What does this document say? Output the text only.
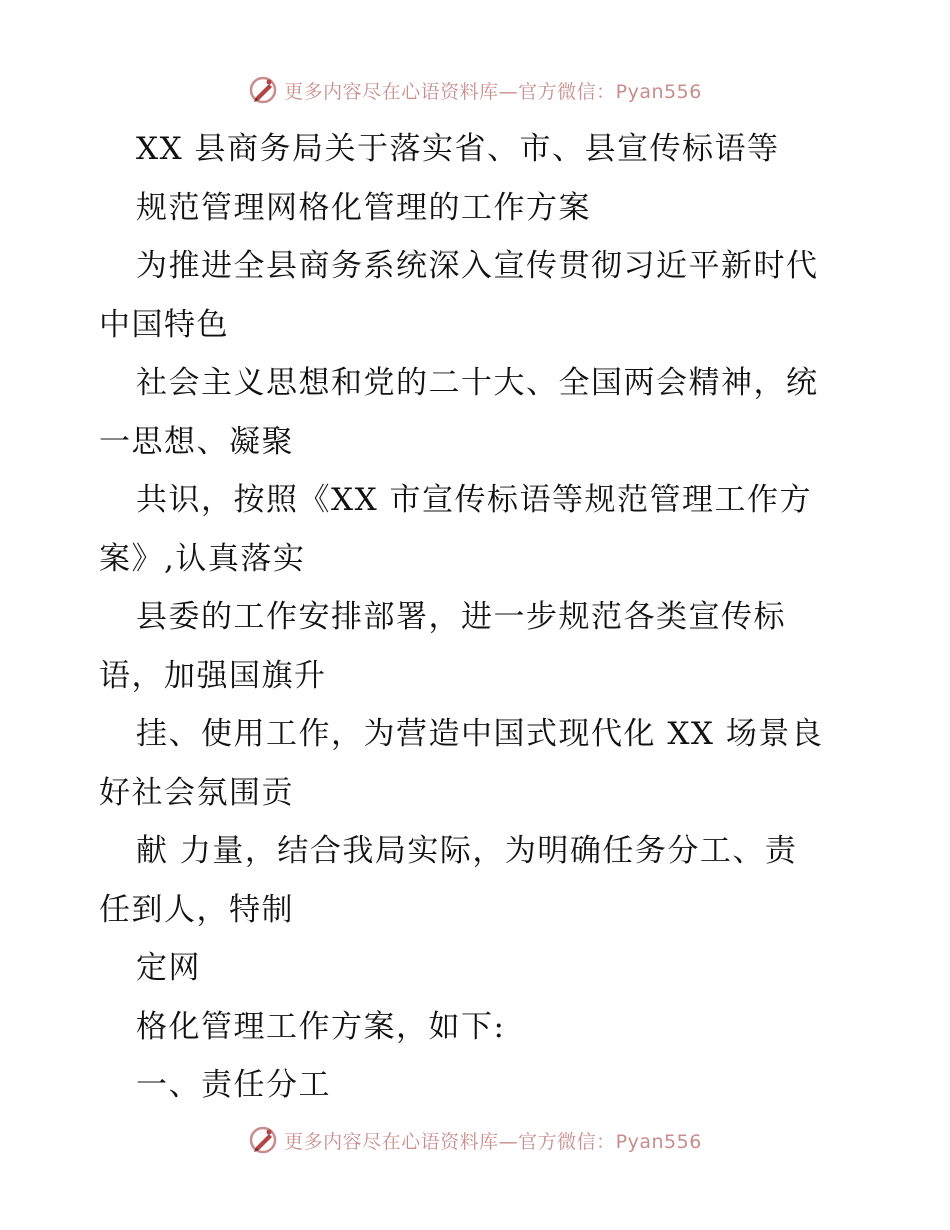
更多内容尽在心语资料库—官方微信：Pyan556
XX 县商务局关于落实省、市、县宣传标语等
规范管理网格化管理的工作方案
为推进全县商务系统深入宣传贯彻习近平新时代
中国特色
社会主义思想和党的二十大、全国两会精神，统
一思想、凝聚
共识，按照《XX 市宣传标语等规范管理工作方
案》,认真落实
县委的工作安排部署，进一步规范各类宣传标
语，加强国旗升
挂、使用工作，为营造中国式现代化 XX 场景良
好社会氛围贡
献 力量，结合我局实际，为明确任务分工、责
任到人，特制
定网
格化管理工作方案，如下:
一、责任分工
更多内容尽在心语资料库—官方微信：Pyan556
